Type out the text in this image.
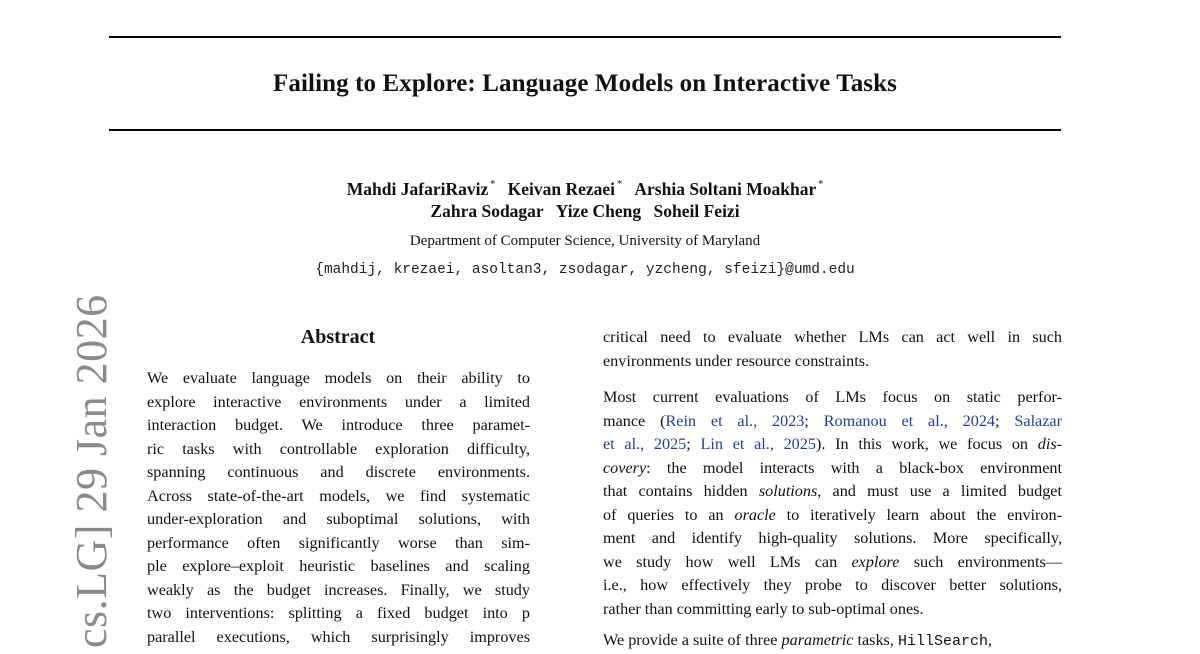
Failing to Explore: Language Models on Interactive Tasks
Mahdi JafariRaviz * Keivan Rezaei * Arshia Soltani Moakhar *
Zahra Sodagar Yize Cheng Soheil Feizi
Department of Computer Science, University of Maryland
{mahdij, krezaei, asoltan3, zsodagar, yzcheng, sfeizi}@umd.edu
cs.LG] 29 Jan 2026	Abstract
We evaluate language models on their ability to
explore interactive environments under a limited
interaction budget. We introduce three paramet-
ric tasks with controllable exploration difficulty,
spanning continuous and discrete environments.
Across state-of-the-art models, we find systematic
under-exploration and suboptimal solutions, with
performance often significantly worse than sim-
ple explore–exploit heuristic baselines and scaling
weakly as the budget increases. Finally, we study
two interventions: splitting a fixed budget into p
parallel executions, which surprisingly improves
critical need to evaluate whether LMs can act well in such
environments under resource constraints.
Most current evaluations of LMs focus on static perfor-
mance (Rein et al., 2023; Romanou et al., 2024; Salazar
et al., 2025; Lin et al., 2025). In this work, we focus on dis-
covery: the model interacts with a black-box environment
that contains hidden solutions, and must use a limited budget
of queries to an oracle to iteratively learn about the environ-
ment and identify high-quality solutions. More specifically,
we study how well LMs can explore such environments—
i.e., how effectively they probe to discover better solutions,
rather than committing early to sub-optimal ones.
We provide a suite of three parametric tasks, HillSearch,
